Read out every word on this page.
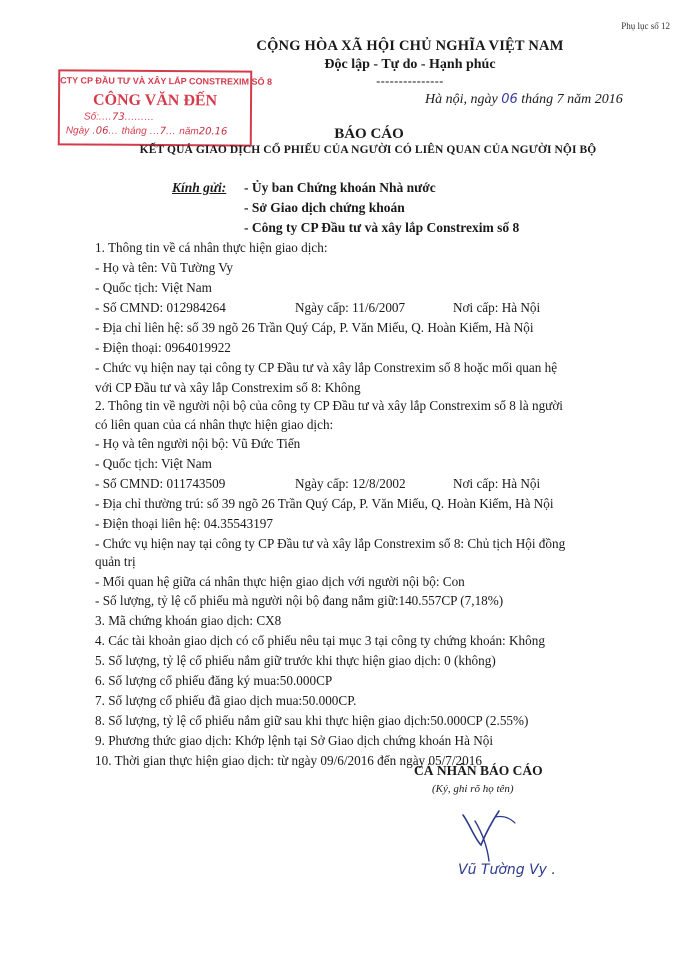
Phụ lục số 12
CỘNG HÒA XÃ HỘI CHỦ NGHĨA VIỆT NAM
Độc lập - Tự do - Hạnh phúc
---------------
CTY CP ĐẦU TƯ VÀ XÂY LẮP CONSTREXIM SỐ 8
CÔNG VĂN ĐẾN
Số:....73.........
Ngày .06... tháng ...7... năm20.16
Hà nội, ngày 06 tháng 7 năm 2016
BÁO CÁO
KẾT QUẢ GIAO DỊCH CỔ PHIẾU CỦA NGƯỜI CÓ LIÊN QUAN CỦA NGƯỜI NỘI BỘ
Kính gửi: - Ủy ban Chứng khoán Nhà nước
- Sở Giao dịch chứng khoán
- Công ty CP Đầu tư và xây lắp Constrexim số 8
1. Thông tin về cá nhân thực hiện giao dịch:
- Họ và tên: Vũ Tường Vy
- Quốc tịch: Việt Nam
- Số CMND: 012984264	Ngày cấp: 11/6/2007	Nơi cấp: Hà Nội
- Địa chỉ liên hệ: số 39 ngõ 26 Trần Quý Cáp, P. Văn Miếu, Q. Hoàn Kiếm, Hà Nội
- Điện thoại: 0964019922
- Chức vụ hiện nay tại công ty CP Đầu tư và xây lắp Constrexim số 8 hoặc mối quan hệ
với CP Đầu tư và xây lắp Constrexim số 8: Không
2. Thông tin về người nội bộ của công ty CP Đầu tư và xây lắp Constrexim số 8 là người
có liên quan của cá nhân thực hiện giao dịch:
- Họ và tên người nội bộ: Vũ Đức Tiến
- Quốc tịch: Việt Nam
- Số CMND: 011743509	Ngày cấp: 12/8/2002	Nơi cấp: Hà Nội
- Địa chỉ thường trú: số 39 ngõ 26 Trần Quý Cáp, P. Văn Miếu, Q. Hoàn Kiếm, Hà Nội
- Điện thoại liên hệ: 04.35543197
- Chức vụ hiện nay tại công ty CP Đầu tư và xây lắp Constrexim số 8: Chủ tịch Hội đồng
quản trị
- Mối quan hệ giữa cá nhân thực hiện giao dịch với người nội bộ: Con
- Số lượng, tỷ lệ cổ phiếu mà người nội bộ đang nắm giữ:140.557CP (7,18%)
3. Mã chứng khoán giao dịch: CX8
4. Các tài khoản giao dịch có cổ phiếu nêu tại mục 3 tại công ty chứng khoán: Không
5. Số lượng, tỷ lệ cổ phiếu nắm giữ trước khi thực hiện giao dịch: 0 (không)
6. Số lượng cổ phiếu đăng ký mua:50.000CP
7. Số lượng cổ phiếu đã giao dịch mua:50.000CP.
8. Số lượng, tỷ lệ cổ phiếu nắm giữ sau khi thực hiện giao dịch:50.000CP (2.55%)
9. Phương thức giao dịch: Khớp lệnh tại Sở Giao dịch chứng khoán Hà Nội
10. Thời gian thực hiện giao dịch: từ ngày 09/6/2016 đến ngày 05/7/2016
CÁ NHÂN BÁO CÁO
(Ký, ghi rõ họ tên)
Vũ Tường Vy .
